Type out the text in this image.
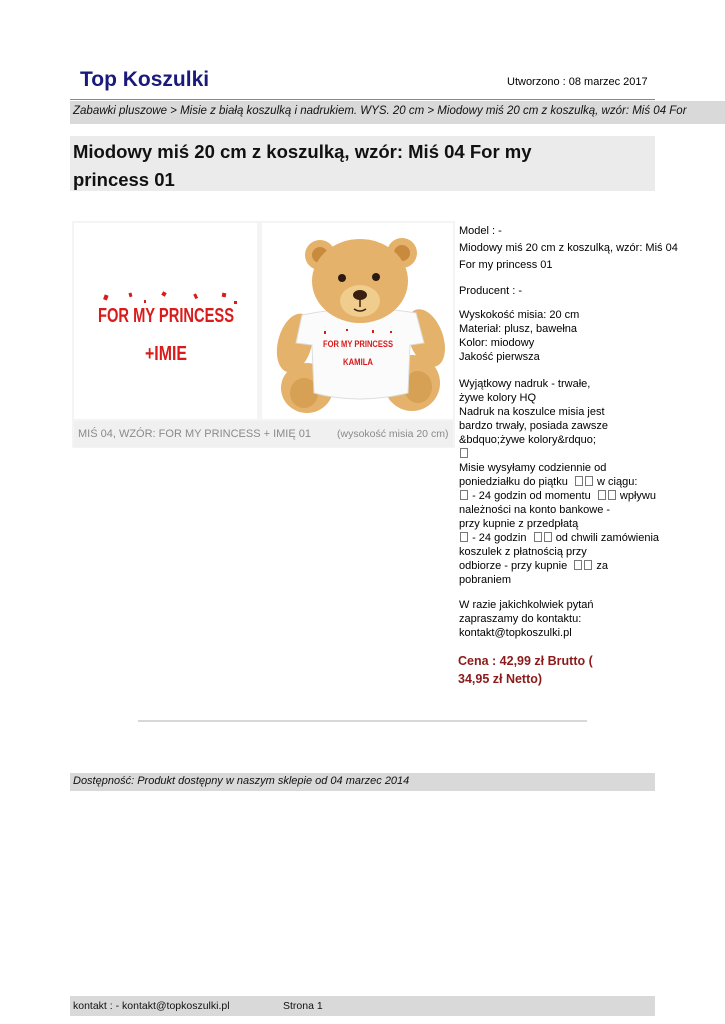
Top Koszulki	Utworzono : 08 marzec 2017
Zabawki pluszowe > Misie z białą koszulką i nadrukiem. WYS. 20 cm > Miodowy miś 20 cm z koszulką, wzór: Miś 04 For
Miodowy miś 20 cm z koszulką, wzór: Miś 04 For my
princess 01
FOR MY PRINCESS
+IMIE	FOR MY PRINCESS
KAMILA
MIŚ 04, WZÓR: FOR MY PRINCESS + IMIĘ 01 (wysokość misia 20 cm)
Model : -
Miodowy miś 20 cm z koszulką, wzór: Miś 04
For my princess 01
Producent : -
Wyskokość misia: 20 cm
Materiał: plusz, bawełna
Kolor: miodowy
Jakość pierwsza
Wyjątkowy nadruk - trwałe,
żywe kolory HQ
Nadruk na koszulce misia jest
bardzo trwały, posiada zawsze
&bdquo;żywe kolory&rdquo;
Misie wysyłamy codziennie od
poniedziałku do piątku	w ciągu:
- 24 godzin od momentu	wpływu
należności na konto bankowe -
przy kupnie z przedpłatą
- 24 godzin	od chwili zamówienia
koszulek z płatnością przy
odbiorze - przy kupnie	za
pobraniem
W razie jakichkolwiek pytań
zapraszamy do kontaktu:
kontakt@topkoszulki.pl
Cena : 42,99 zł Brutto (
34,95 zł Netto)
Dostępność: Produkt dostępny w naszym sklepie od 04 marzec 2014
kontakt : - kontakt@topkoszulki.pl	Strona 1
